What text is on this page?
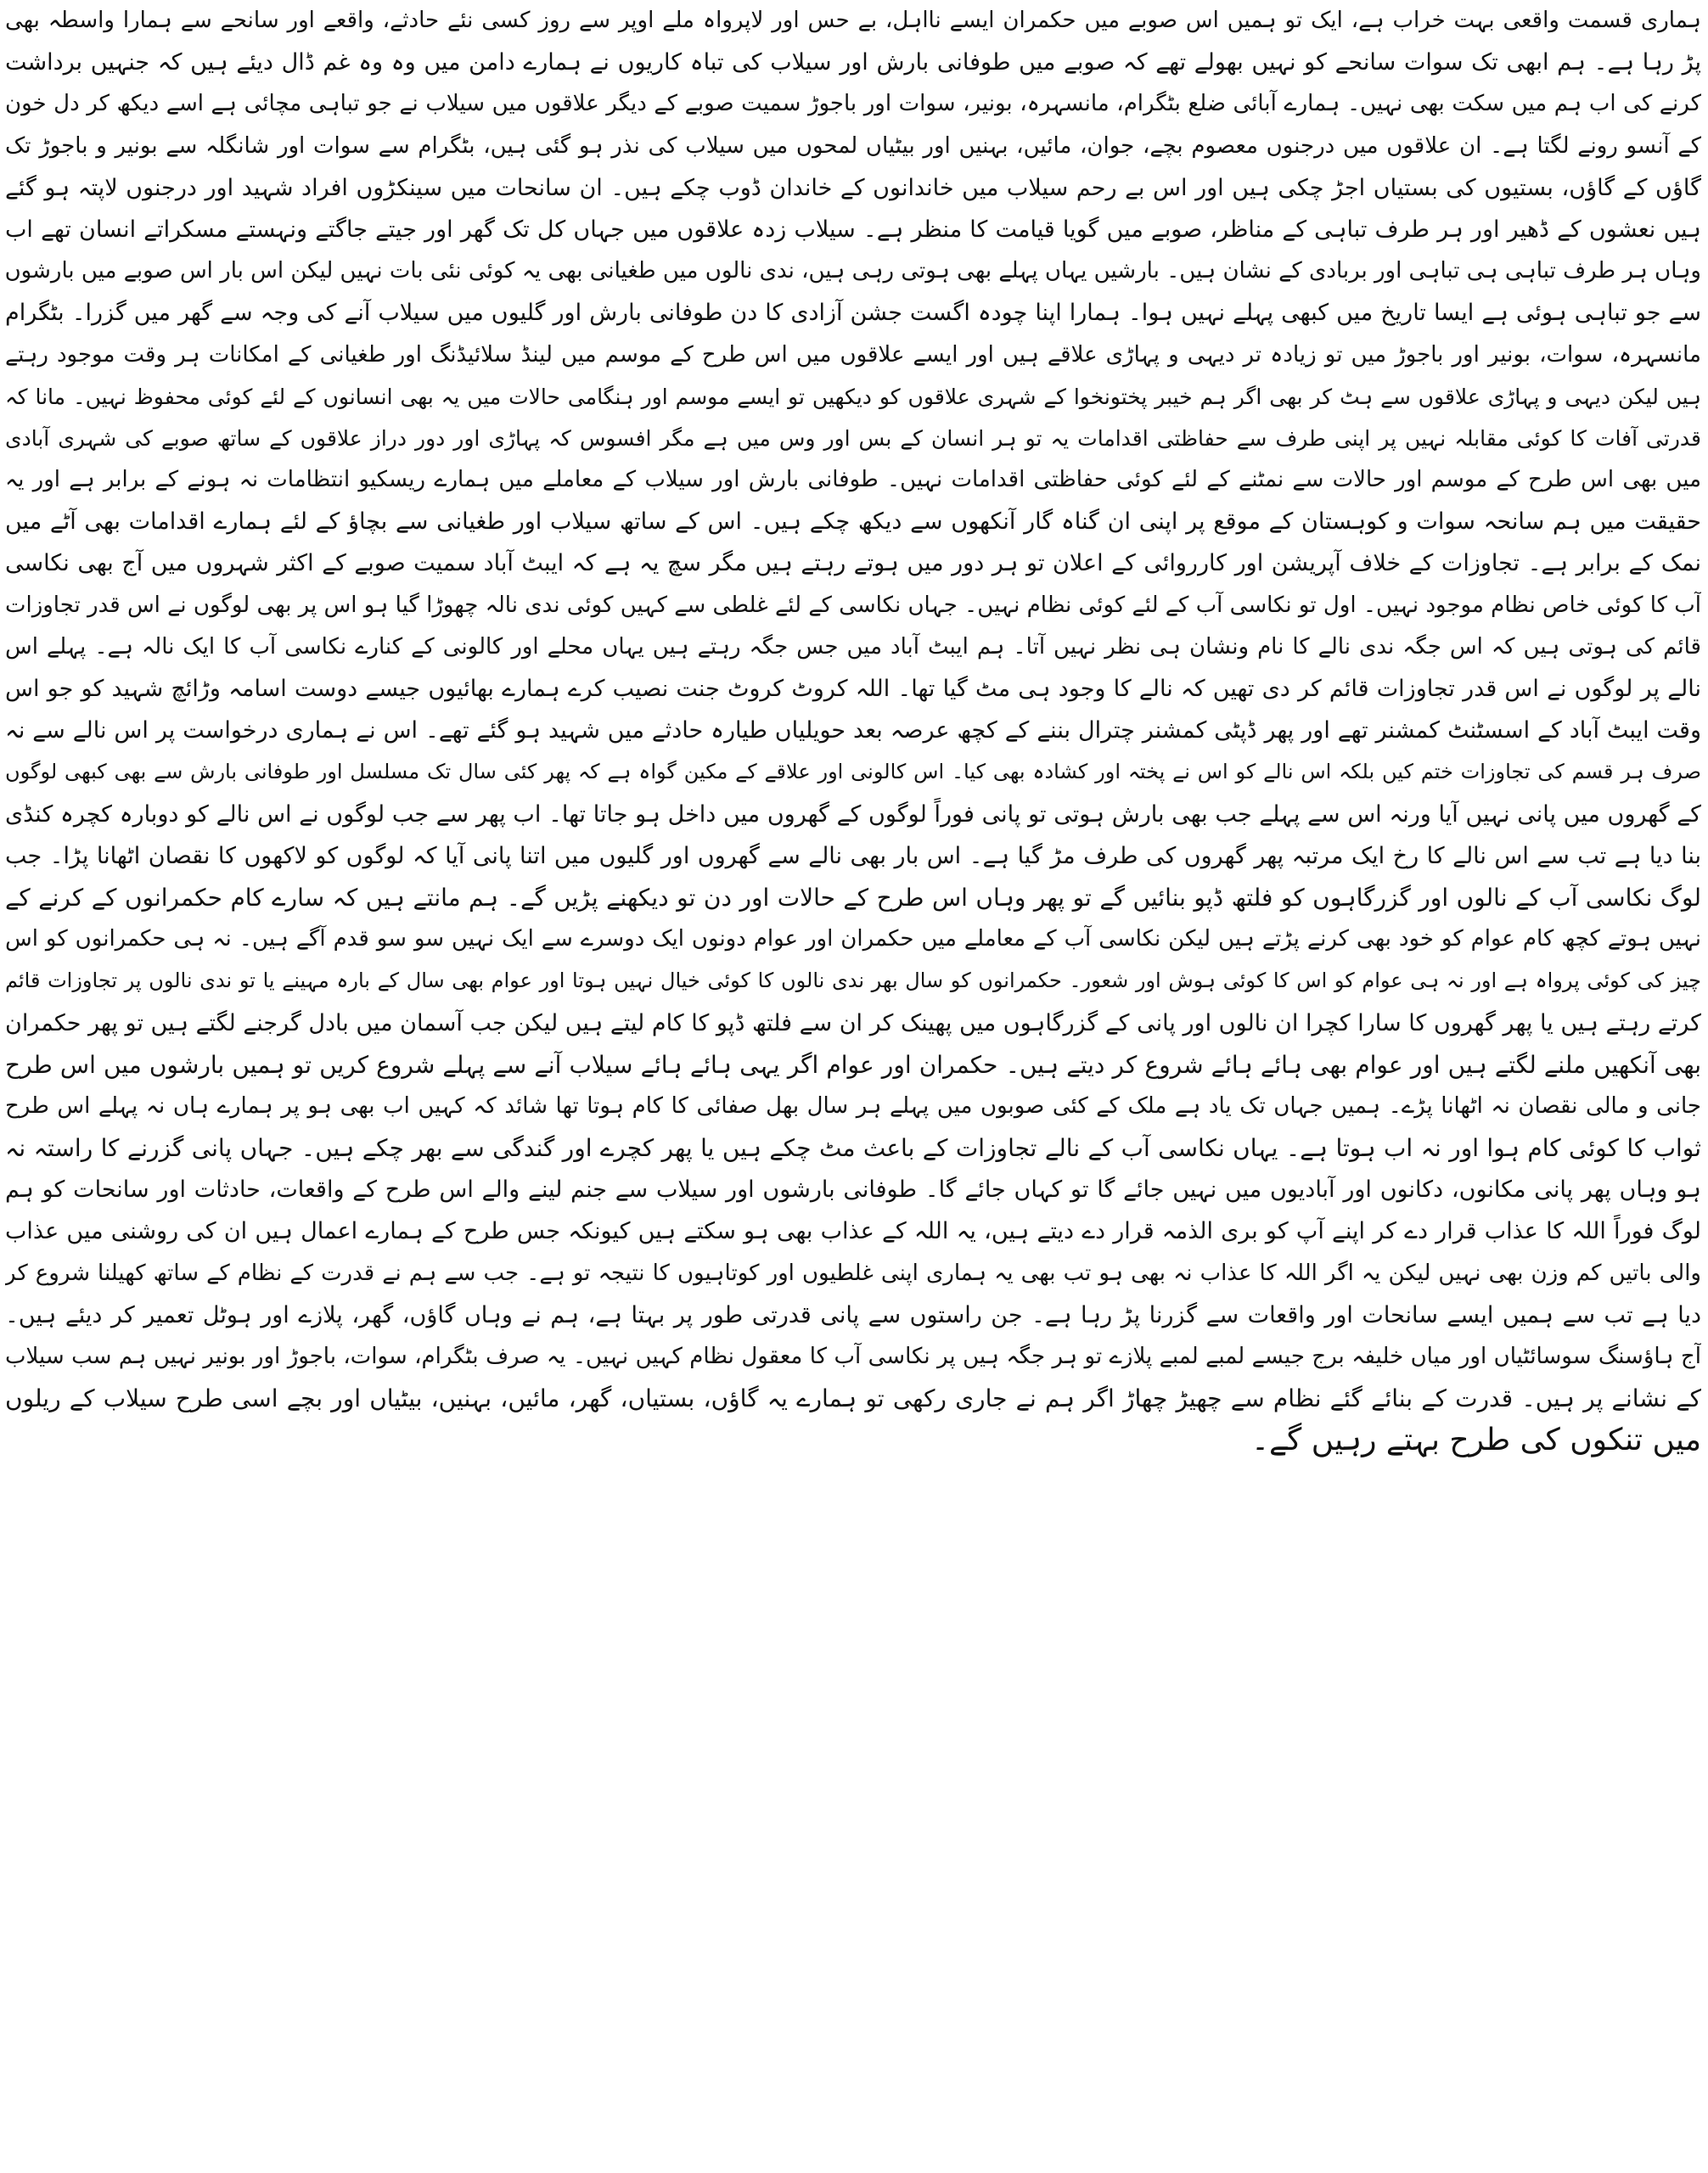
ہماری قسمت واقعی بہت خراب ہے، ایک تو ہمیں اس صوبے میں حکمران ایسے نااہل، بے حس اور لاپرواہ ملے اوپر سے روز کسی نئے حادثے، واقعے اور سانحے سے ہمارا واسطہ بھی
پڑ رہا ہے۔ ہم ابھی تک سوات سانحے کو نہیں بھولے تھے کہ صوبے میں طوفانی بارش اور سیلاب کی تباہ کاریوں نے ہمارے دامن میں وہ وہ غم ڈال دیئے ہیں کہ جنہیں برداشت
کرنے کی اب ہم میں سکت بھی نہیں۔ ہمارے آبائی ضلع بٹگرام، مانسہرہ، بونیر، سوات اور باجوڑ سمیت صوبے کے دیگر علاقوں میں سیلاب نے جو تباہی مچائی ہے اسے دیکھ کر دل خون
کے آنسو رونے لگتا ہے۔ ان علاقوں میں درجنوں معصوم بچے، جوان، مائیں، بہنیں اور بیٹیاں لمحوں میں سیلاب کی نذر ہو گئی ہیں، بٹگرام سے سوات اور شانگلہ سے بونیر و باجوڑ تک
گاؤں کے گاؤں، بستیوں کی بستیاں اجڑ چکی ہیں اور اس بے رحم سیلاب میں خاندانوں کے خاندان ڈوب چکے ہیں۔ ان سانحات میں سینکڑوں افراد شہید اور درجنوں لاپتہ ہو گئے
ہیں نعشوں کے ڈھیر اور ہر طرف تباہی کے مناظر، صوبے میں گویا قیامت کا منظر ہے۔ سیلاب زدہ علاقوں میں جہاں کل تک گھر اور جیتے جاگتے ونہستے مسکراتے انسان تھے اب
وہاں ہر طرف تباہی ہی تباہی اور بربادی کے نشان ہیں۔ بارشیں یہاں پہلے بھی ہوتی رہی ہیں، ندی نالوں میں طغیانی بھی یہ کوئی نئی بات نہیں لیکن اس بار اس صوبے میں بارشوں
سے جو تباہی ہوئی ہے ایسا تاریخ میں کبھی پہلے نہیں ہوا۔ ہمارا اپنا چودہ اگست جشن آزادی کا دن طوفانی بارش اور گلیوں میں سیلاب آنے کی وجہ سے گھر میں گزرا۔ بٹگرام
مانسہرہ، سوات، بونیر اور باجوڑ میں تو زیادہ تر دیہی و پہاڑی علاقے ہیں اور ایسے علاقوں میں اس طرح کے موسم میں لینڈ سلائیڈنگ اور طغیانی کے امکانات ہر وقت موجود رہتے
ہیں لیکن دیہی و پہاڑی علاقوں سے ہٹ کر بھی اگر ہم خیبر پختونخوا کے شہری علاقوں کو دیکھیں تو ایسے موسم اور ہنگامی حالات میں یہ بھی انسانوں کے لئے کوئی محفوظ نہیں۔ مانا کہ
قدرتی آفات کا کوئی مقابلہ نہیں پر اپنی طرف سے حفاظتی اقدامات یہ تو ہر انسان کے بس اور وس میں ہے مگر افسوس کہ پہاڑی اور دور دراز علاقوں کے ساتھ صوبے کی شہری آبادی
میں بھی اس طرح کے موسم اور حالات سے نمٹنے کے لئے کوئی حفاظتی اقدامات نہیں۔ طوفانی بارش اور سیلاب کے معاملے میں ہمارے ریسکیو انتظامات نہ ہونے کے برابر ہے اور یہ
حقیقت میں ہم سانحہ سوات و کوہستان کے موقع پر اپنی ان گناہ گار آنکھوں سے دیکھ چکے ہیں۔ اس کے ساتھ سیلاب اور طغیانی سے بچاؤ کے لئے ہمارے اقدامات بھی آٹے میں
نمک کے برابر ہے۔ تجاوزات کے خلاف آپریشن اور کارروائی کے اعلان تو ہر دور میں ہوتے رہتے ہیں مگر سچ یہ ہے کہ ایبٹ آباد سمیت صوبے کے اکثر شہروں میں آج بھی نکاسی
آب کا کوئی خاص نظام موجود نہیں۔ اول تو نکاسی آب کے لئے کوئی نظام نہیں۔ جہاں نکاسی کے لئے غلطی سے کہیں کوئی ندی نالہ چھوڑا گیا ہو اس پر بھی لوگوں نے اس قدر تجاوزات
قائم کی ہوتی ہیں کہ اس جگہ ندی نالے کا نام ونشان ہی نظر نہیں آتا۔ ہم ایبٹ آباد میں جس جگہ رہتے ہیں یہاں محلے اور کالونی کے کنارے نکاسی آب کا ایک نالہ ہے۔ پہلے اس
نالے پر لوگوں نے اس قدر تجاوزات قائم کر دی تھیں کہ نالے کا وجود ہی مٹ گیا تھا۔ اللہ کروٹ کروٹ جنت نصیب کرے ہمارے بھائیوں جیسے دوست اسامہ وڑائچ شہید کو جو اس
وقت ایبٹ آباد کے اسسٹنٹ کمشنر تھے اور پھر ڈپٹی کمشنر چترال بننے کے کچھ عرصہ بعد حویلیاں طیارہ حادثے میں شہید ہو گئے تھے۔ اس نے ہماری درخواست پر اس نالے سے نہ
صرف ہر قسم کی تجاوزات ختم کیں بلکہ اس نالے کو اس نے پختہ اور کشادہ بھی کیا۔ اس کالونی اور علاقے کے مکین گواہ ہے کہ پھر کئی سال تک مسلسل اور طوفانی بارش سے بھی کبھی لوگوں
کے گھروں میں پانی نہیں آیا ورنہ اس سے پہلے جب بھی بارش ہوتی تو پانی فوراً لوگوں کے گھروں میں داخل ہو جاتا تھا۔ اب پھر سے جب لوگوں نے اس نالے کو دوبارہ کچرہ کنڈی
بنا دیا ہے تب سے اس نالے کا رخ ایک مرتبہ پھر گھروں کی طرف مڑ گیا ہے۔ اس بار بھی نالے سے گھروں اور گلیوں میں اتنا پانی آیا کہ لوگوں کو لاکھوں کا نقصان اٹھانا پڑا۔ جب
لوگ نکاسی آب کے نالوں اور گزرگاہوں کو فلتھ ڈپو بنائیں گے تو پھر وہاں اس طرح کے حالات اور دن تو دیکھنے پڑیں گے۔ ہم مانتے ہیں کہ سارے کام حکمرانوں کے کرنے کے
نہیں ہوتے کچھ کام عوام کو خود بھی کرنے پڑتے ہیں لیکن نکاسی آب کے معاملے میں حکمران اور عوام دونوں ایک دوسرے سے ایک نہیں سو سو قدم آگے ہیں۔ نہ ہی حکمرانوں کو اس
چیز کی کوئی پرواہ ہے اور نہ ہی عوام کو اس کا کوئی ہوش اور شعور۔ حکمرانوں کو سال بھر ندی نالوں کا کوئی خیال نہیں ہوتا اور عوام بھی سال کے بارہ مہینے یا تو ندی نالوں پر تجاوزات قائم
کرتے رہتے ہیں یا پھر گھروں کا سارا کچرا ان نالوں اور پانی کے گزرگاہوں میں پھینک کر ان سے فلتھ ڈپو کا کام لیتے ہیں لیکن جب آسمان میں بادل گرجنے لگتے ہیں تو پھر حکمران
بھی آنکھیں ملنے لگتے ہیں اور عوام بھی ہائے ہائے شروع کر دیتے ہیں۔ حکمران اور عوام اگر یہی ہائے ہائے سیلاب آنے سے پہلے شروع کریں تو ہمیں بارشوں میں اس طرح
جانی و مالی نقصان نہ اٹھانا پڑے۔ ہمیں جہاں تک یاد ہے ملک کے کئی صوبوں میں پہلے ہر سال بھل صفائی کا کام ہوتا تھا شائد کہ کہیں اب بھی ہو پر ہمارے ہاں نہ پہلے اس طرح
ثواب کا کوئی کام ہوا اور نہ اب ہوتا ہے۔ یہاں نکاسی آب کے نالے تجاوزات کے باعث مٹ چکے ہیں یا پھر کچرے اور گندگی سے بھر چکے ہیں۔ جہاں پانی گزرنے کا راستہ نہ
ہو وہاں پھر پانی مکانوں، دکانوں اور آبادیوں میں نہیں جائے گا تو کہاں جائے گا۔ طوفانی بارشوں اور سیلاب سے جنم لینے والے اس طرح کے واقعات، حادثات اور سانحات کو ہم
لوگ فوراً اللہ کا عذاب قرار دے کر اپنے آپ کو بری الذمہ قرار دے دیتے ہیں، یہ اللہ کے عذاب بھی ہو سکتے ہیں کیونکہ جس طرح کے ہمارے اعمال ہیں ان کی روشنی میں عذاب
والی باتیں کم وزن بھی نہیں لیکن یہ اگر اللہ کا عذاب نہ بھی ہو تب بھی یہ ہماری اپنی غلطیوں اور کوتاہیوں کا نتیجہ تو ہے۔ جب سے ہم نے قدرت کے نظام کے ساتھ کھیلنا شروع کر
دیا ہے تب سے ہمیں ایسے سانحات اور واقعات سے گزرنا پڑ رہا ہے۔ جن راستوں سے پانی قدرتی طور پر بہتا ہے، ہم نے وہاں گاؤں، گھر، پلازے اور ہوٹل تعمیر کر دیئے ہیں۔
آج ہاؤسنگ سوسائٹیاں اور میاں خلیفہ برج جیسے لمبے لمبے پلازے تو ہر جگہ ہیں پر نکاسی آب کا معقول نظام کہیں نہیں۔ یہ صرف بٹگرام، سوات، باجوڑ اور بونیر نہیں ہم سب سیلاب
کے نشانے پر ہیں۔ قدرت کے بنائے گئے نظام سے چھیڑ چھاڑ اگر ہم نے جاری رکھی تو ہمارے یہ گاؤں، بستیاں، گھر، مائیں، بہنیں، بیٹیاں اور بچے اسی طرح سیلاب کے ریلوں
میں تنکوں کی طرح بہتے رہیں گے۔
